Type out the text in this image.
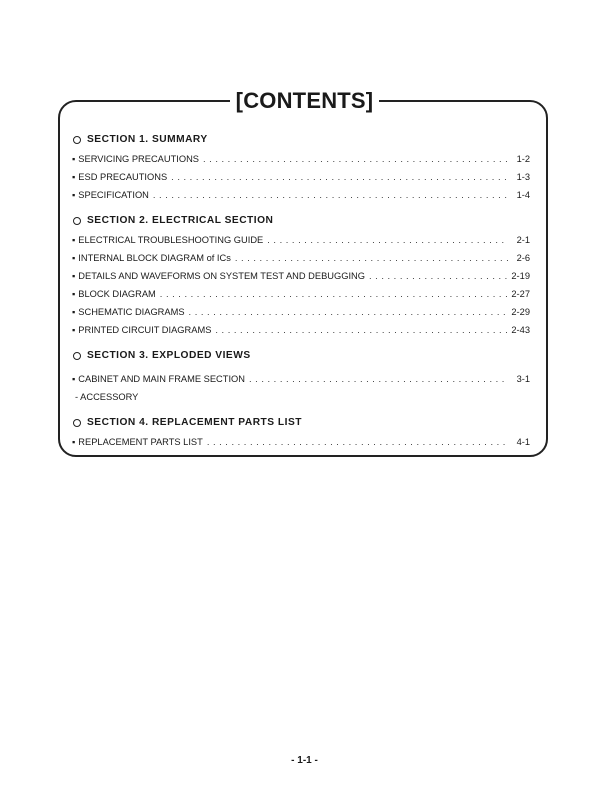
[CONTENTS]
SECTION 1. SUMMARY
▪ SERVICING PRECAUTIONS . . .	1-2
▪ ESD PRECAUTIONS . . .	1-3
▪ SPECIFICATION . . .	1-4
SECTION 2. ELECTRICAL SECTION
▪ ELECTRICAL TROUBLESHOOTING GUIDE . . .	2-1
▪ INTERNAL BLOCK DIAGRAM of ICs . . .	2-6
▪ DETAILS AND WAVEFORMS ON SYSTEM TEST AND DEBUGGING . . .	2-19
▪ BLOCK DIAGRAM . . .	2-27
▪ SCHEMATIC DIAGRAMS . . .	2-29
▪ PRINTED CIRCUIT DIAGRAMS . . .	2-43
SECTION 3. EXPLODED VIEWS
▪ CABINET AND MAIN FRAME SECTION . . .	3-1
- ACCESSORY
SECTION 4. REPLACEMENT PARTS LIST
▪ REPLACEMENT PARTS LIST . . .	4-1
- 1-1 -
